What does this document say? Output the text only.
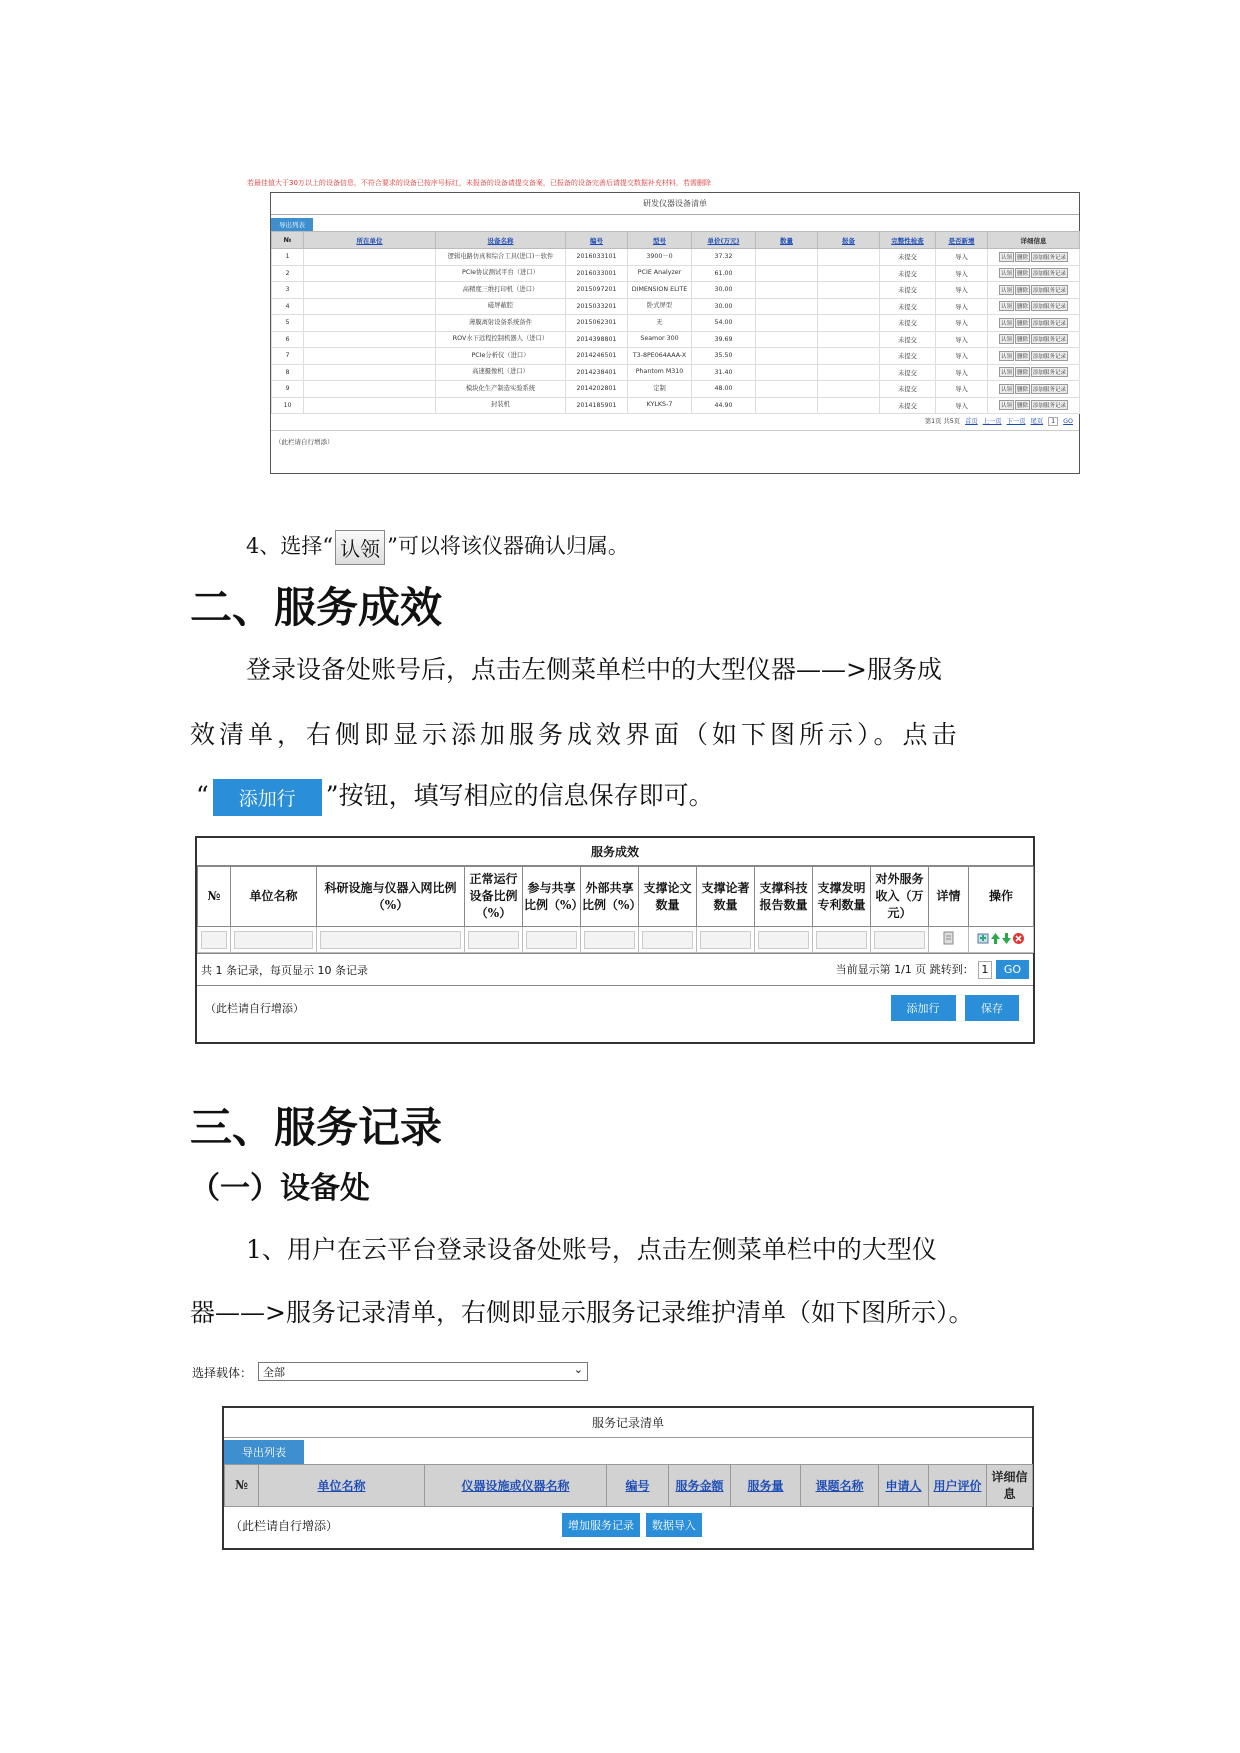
若最佳值大于30万以上的设备信息，不符合要求的设备已按序号标红，未报备的设备请提交备案，已报备的设备完善后请提交数据补充材料，若需删除
研发仪器设备清单
导出列表
№	所在单位	设备名称	编号	型号	单价(万元)	数量	报备	完整性检查	是否新增	详细信息
1		逻辑电路仿真和综合工具(进口)－软件	2016033101	3900－0	37.32			未提交	导入	认领 删除 添加服务记录
2		PCIe协议测试平台（进口）	2016033001	PCIE Analyzer	61.00			未提交	导入	认领 删除 添加服务记录
3		高精度三维打印机（进口）	2015097201	DIMENSION ELITE	30.00			未提交	导入	认领 删除 添加服务记录
4		磁屏蔽腔	2015033201	卧式屏型	30.00			未提交	导入	认领 删除 添加服务记录
5		薄膜离射设备系统备件	2015062301	无	54.00			未提交	导入	认领 删除 添加服务记录
6		ROV水下远程控制机器人（进口）	2014398801	Seamor 300	39.69			未提交	导入	认领 删除 添加服务记录
7		PCIe分析仪（进口）	2014246501	T3-8PE064AAA-X	35.50			未提交	导入	认领 删除 添加服务记录
8		高速摄像机（进口）	2014238401	Phantom M310	31.40			未提交	导入	认领 删除 添加服务记录
9		模块化生产制造实验系统	2014202801	定制	48.00			未提交	导入	认领 删除 添加服务记录
10		封装机	2014185901	KYLKS-7	44.90			未提交	导入	认领 删除 添加服务记录
第1页 共5页 首页 上一页 下一页 尾页 1 GO
（此栏请自行增添）
4、选择“ 认领 ”可以将该仪器确认归属。
二、服务成效
登录设备处账号后，点击左侧菜单栏中的大型仪器——>服务成
效清单，右侧即显示添加服务成效界面（如下图所示）。点击
“ 添加行 ”按钮，填写相应的信息保存即可。
服务成效
№	单位名称	科研设施与仪器入网比例（%）	正常运行设备比例（%）	参与共享比例（%）	外部共享比例（%）	支撑论文数量	支撑论著数量	支撑科技报告数量	支撑发明专利数量	对外服务收入（万元）	详情	操作

共 1 条记录，每页显示 10 条记录	当前显示第 1/1 页 跳转到： 1 GO
（此栏请自行增添）	添加行	保存
三、服务记录
（一）设备处
1、用户在云平台登录设备处账号，点击左侧菜单栏中的大型仪
器——>服务记录清单，右侧即显示服务记录维护清单（如下图所示）。
选择载体： 全部	⌄
服务记录清单
导出列表
№	单位名称	仪器设施或仪器名称	编号	服务金额	服务量	课题名称	申请人	用户评价	详细信息
（此栏请自行增添）	增加服务记录 数据导入
